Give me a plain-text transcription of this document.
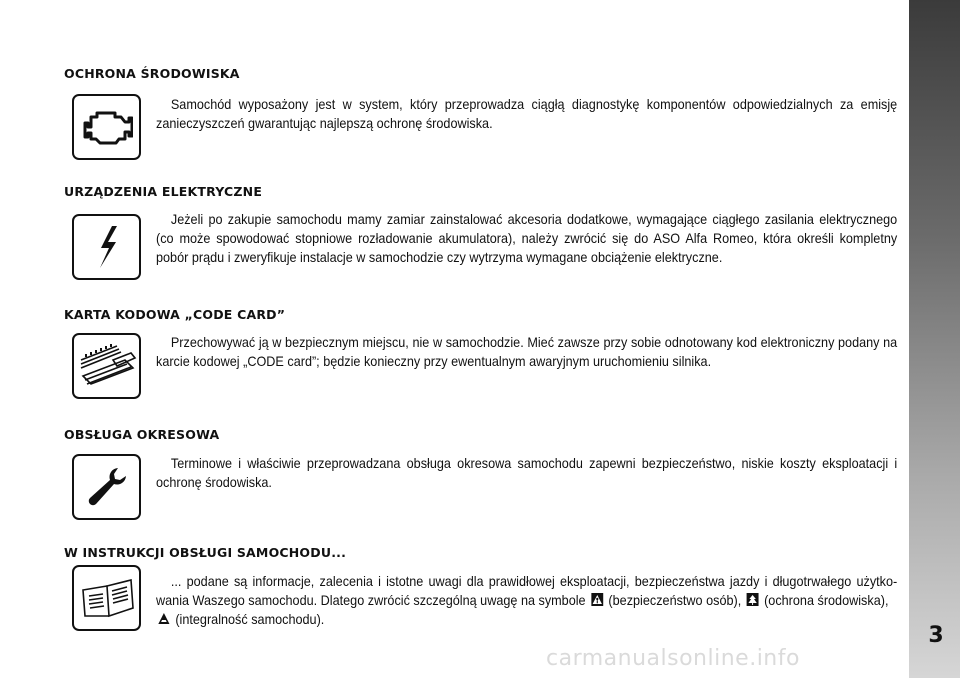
3
OCHRONA ŚRODOWISKA
Samochód wyposażony jest w system, który przeprowadza ciągłą diagnostykę komponentów odpowiedzialnych za emisję zanieczyszczeń gwarantując najlepszą ochronę środowiska.
URZĄDZENIA ELEKTRYCZNE
Jeżeli po zakupie samochodu mamy zamiar zainstalować akcesoria dodatkowe, wymagające ciągłego zasilania elektrycznego (co może spowodować stopniowe rozładowanie akumulatora), należy zwrócić się do ASO Alfa Romeo, która określi kompletny pobór prądu i zweryfikuje instalacje w samochodzie czy wytrzyma wymagane obciążenie elektryczne.
KARTA KODOWA „CODE CARD”
Przechowywać ją w bezpiecznym miejscu, nie w samochodzie. Mieć zawsze przy sobie odnotowany kod elektroniczny podany na karcie kodowej „CODE card”; będzie konieczny przy ewentualnym awaryjnym uruchomieniu silnika.
OBSŁUGA OKRESOWA
Terminowe i właściwie przeprowadzana obsługa okresowa samochodu zapewni bezpieczeństwo, niskie koszty eksploatacji i ochronę środowiska.
W INSTRUKCJI OBSŁUGI SAMOCHODU...
... podane są informacje, zalecenia i istotne uwagi dla prawidłowej eksploatacji, bezpieczeństwa jazdy i długotrwałego użytko-wania Waszego samochodu. Dlatego zwrócić szczególną uwagę na symbole (bezpieczeństwo osób), (ochrona środowiska),
(integralność samochodu).
carmanualsonline.info
